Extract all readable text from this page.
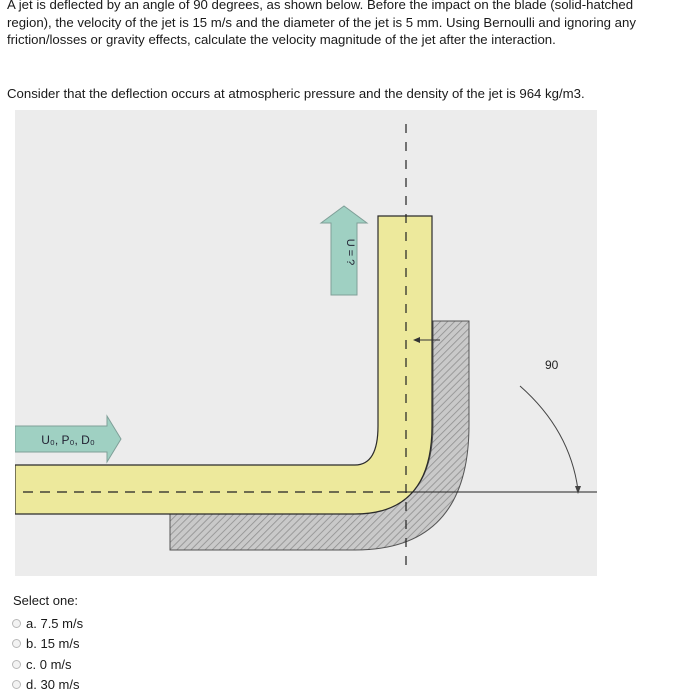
A jet is deflected by an angle of 90 degrees, as shown below. Before the impact on the blade (solid-hatched region), the velocity of the jet is 15 m/s and the diameter of the jet is 5 mm. Using Bernoulli and ignoring any friction/losses or gravity effects, calculate the velocity magnitude of the jet after the interaction.

Consider that the deflection occurs at atmospheric pressure and the density of the jet is 964 kg/m3.

90
U₀, P₀, D₀
U = ?
Select one:
a.
7.5 m/s
b.
15 m/s
c.
0 m/s
d.
30 m/s
